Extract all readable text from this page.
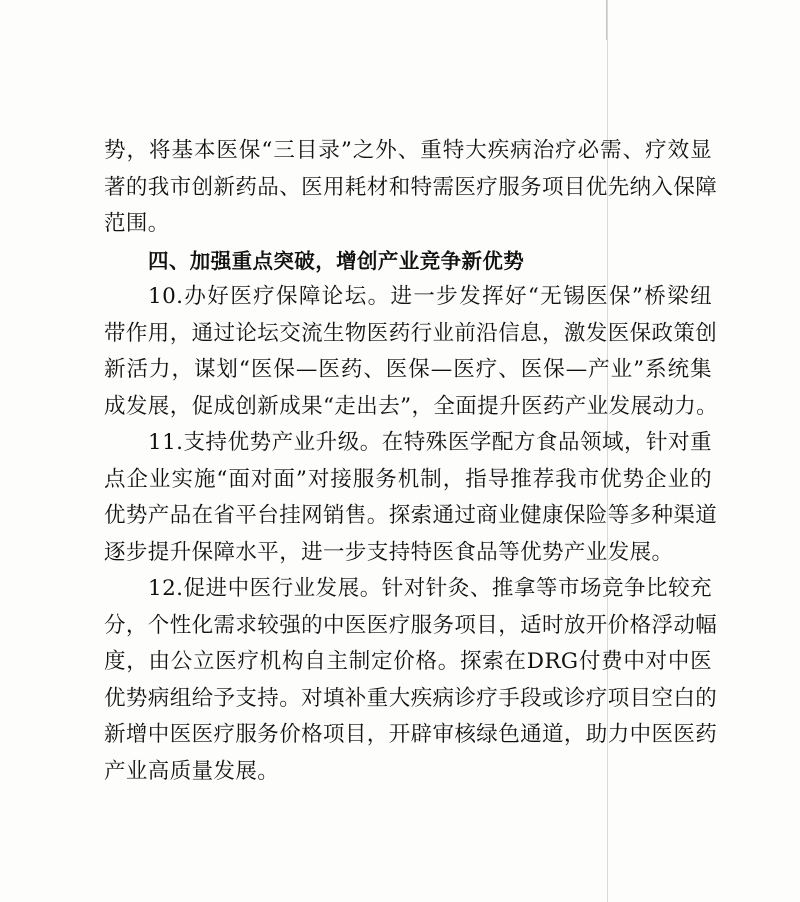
势，将基本医保“三目录”之外、重特大疾病治疗必需、疗效显
著的我市创新药品、医用耗材和特需医疗服务项目优先纳入保障
范围。
四、加强重点突破，增创产业竞争新优势
10.办好医疗保障论坛。进一步发挥好“无锡医保”桥梁纽
带作用，通过论坛交流生物医药行业前沿信息，激发医保政策创
新活力，谋划“医保—医药、医保—医疗、医保—产业”系统集
成发展，促成创新成果“走出去”，全面提升医药产业发展动力。
11.支持优势产业升级。在特殊医学配方食品领域，针对重
点企业实施“面对面”对接服务机制，指导推荐我市优势企业的
优势产品在省平台挂网销售。探索通过商业健康保险等多种渠道
逐步提升保障水平，进一步支持特医食品等优势产业发展。
12.促进中医行业发展。针对针灸、推拿等市场竞争比较充
分，个性化需求较强的中医医疗服务项目，适时放开价格浮动幅
度，由公立医疗机构自主制定价格。探索在DRG付费中对中医
优势病组给予支持。对填补重大疾病诊疗手段或诊疗项目空白的
新增中医医疗服务价格项目，开辟审核绿色通道，助力中医医药
产业高质量发展。
